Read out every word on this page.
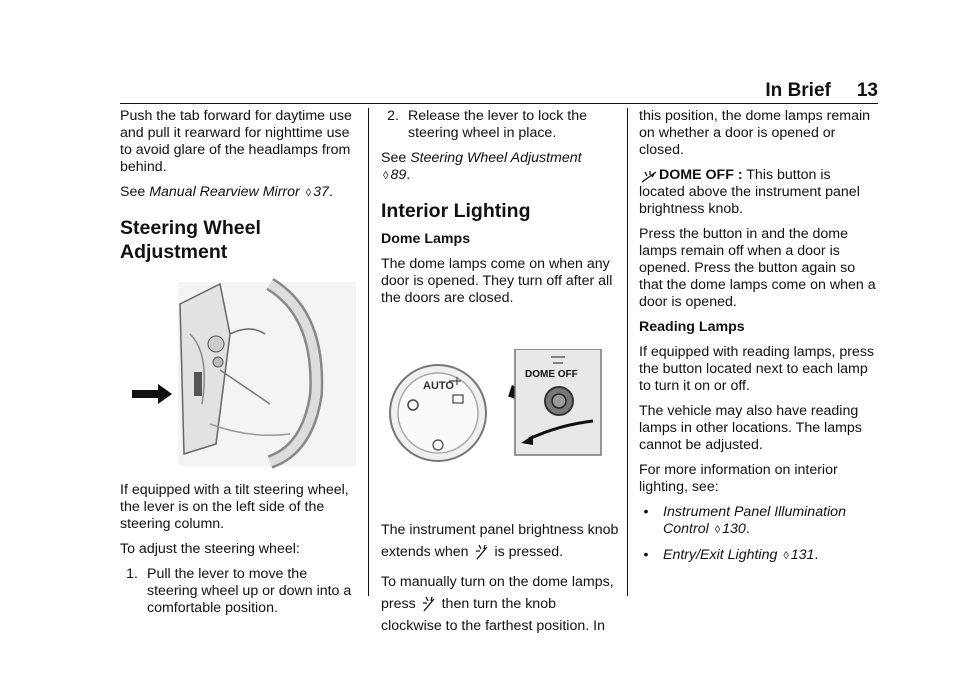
In Brief 13

Push the tab forward for daytime use and pull it rearward for nighttime use to avoid glare of the headlamps from behind.

See Manual Rearview Mirror ◊ 37.

Steering Wheel
Adjustment

If equipped with a tilt steering wheel, the lever is on the left side of the steering column.

To adjust the steering wheel:

1. Pull the lever to move the steering wheel up or down into a comfortable position.
2. Release the lever to lock the steering wheel in place.

See Steering Wheel Adjustment
◊ 89.

Interior Lighting
Dome Lamps

The dome lamps come on when any door is opened. They turn off after all the doors are closed.

AUTO
DOME OFF

The instrument panel brightness knob extends when is pressed.

To manually turn on the dome lamps, press then turn the knob clockwise to the farthest position. In

this position, the dome lamps remain on whether a door is opened or closed.

DOME OFF : This button is located above the instrument panel brightness knob.

Press the button in and the dome lamps remain off when a door is opened. Press the button again so that the dome lamps come on when a door is opened.

Reading Lamps

If equipped with reading lamps, press the button located next to each lamp to turn it on or off.

The vehicle may also have reading lamps in other locations. The lamps cannot be adjusted.

For more information on interior lighting, see:

•	Instrument Panel Illumination Control ◊ 130.
•	Entry/Exit Lighting ◊ 131.
